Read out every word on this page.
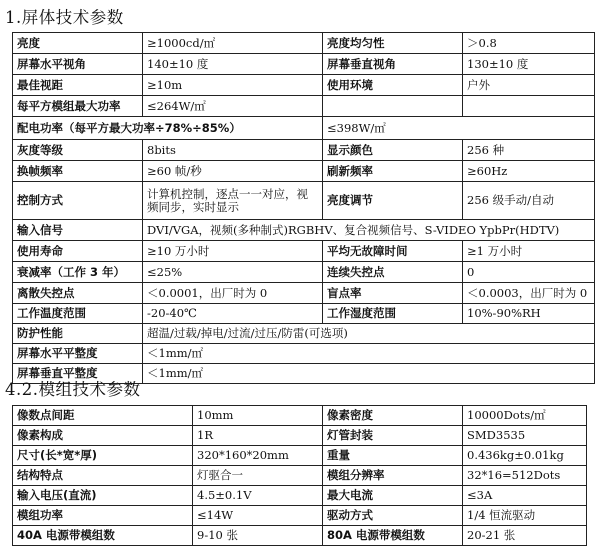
1.屏体技术参数
亮度	≥1000cd/㎡	亮度均匀性	＞0.8
屏幕水平视角	140±10 度	屏幕垂直视角	130±10 度
最佳视距	≥10m	使用环境	户外
每平方模组最大功率	≤264W/㎡		
配电功率（每平方最大功率÷78%÷85%）		≤398W/㎡	
灰度等级	8bits	显示颜色	256 种
换帧频率	≥60 帧/秒	刷新频率	≥60Hz
控制方式	计算机控制，逐点一一对应，视频同步，实时显示	亮度调节	256 级手动/自动
输入信号	DVI/VGA，视频(多种制式)RGBHV、复合视频信号、S-VIDEO YpbPr(HDTV)		
使用寿命	≥10 万小时	平均无故障时间	≥1 万小时
衰减率（工作 3 年）	≤25%	连续失控点	0
离散失控点	＜0.0001，出厂时为 0	盲点率	＜0.0003，出厂时为 0
工作温度范围	-20-40℃	工作湿度范围	10%-90%RH
防护性能	超温/过载/掉电/过流/过压/防雷(可选项)		
屏幕水平平整度	＜1mm/㎡		
屏幕垂直平整度	＜1mm/㎡		
4.2.模组技术参数
像数点间距	10mm	像素密度	10000Dots/㎡
像素构成	1R	灯管封装	SMD3535
尺寸(长*宽*厚)	320*160*20mm	重量	0.436kg±0.01kg
结构特点	灯驱合一	模组分辨率	32*16=512Dots
输入电压(直流)	4.5±0.1V	最大电流	≤3A
模组功率	≤14W	驱动方式	1/4 恒流驱动
40A 电源带模组数	9-10 张	80A 电源带模组数	20-21 张
